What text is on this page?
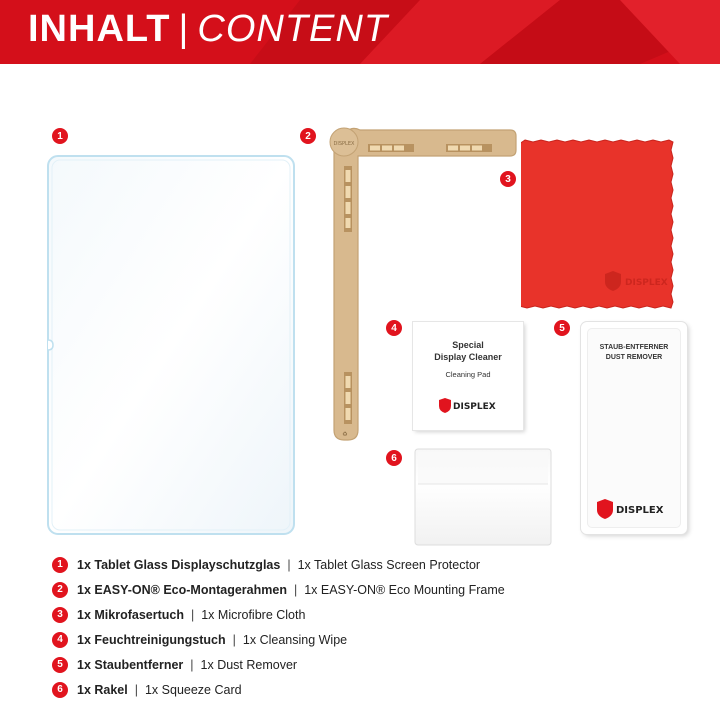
INHALT | CONTENT
1	2
DISPLEX
♻
3
DISPLEX
4
Special
Display Cleaner
Cleaning Pad
DISPLEX
5
STAUB-ENTFERNER
DUST REMOVER
DISPLEX
6
1	1x Tablet Glass Displayschutzglas | 1x Tablet Glass Screen Protector
2	1x EASY-ON® Eco-Montagerahmen | 1x EASY-ON® Eco Mounting Frame
3	1x Mikrofasertuch | 1x Microfibre Cloth
4	1x Feuchtreinigungstuch | 1x Cleansing Wipe
5	1x Staubentferner | 1x Dust Remover
6	1x Rakel | 1x Squeeze Card
